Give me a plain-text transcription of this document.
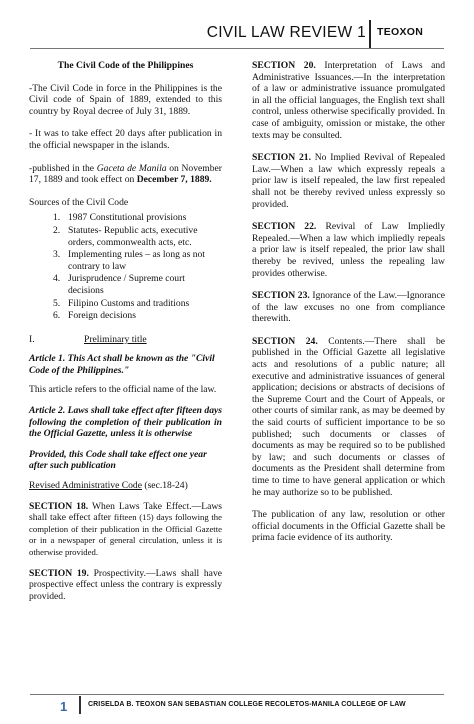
CIVIL LAW REVIEW 1 TEOXON

The Civil Code of the Philippines

-The Civil Code in force in the Philippines is the Civil code of Spain of 1889, extended to this country by Royal decree of July 31, 1889.

- It was to take effect 20 days after publication in the official newspaper in the islands.

-published in the Gaceta de Manila on November 17, 1889 and took effect on December 7, 1889.

Sources of the Civil Code

1. 1987 Constitutional provisions
2. Statutes- Republic acts, executive orders, commonwealth acts, etc.
3. Implementing rules – as long as not contrary to law
4. Jurisprudence / Supreme court decisions
5. Filipino Customs and traditions
6. Foreign decisions
I.	Preliminary title

Article 1. This Act shall be known as the "Civil Code of the Philippines."

This article refers to the official name of the law.

Article 2. Laws shall take effect after fifteen days following the completion of their publication in the Official Gazette, unless it is otherwise

Provided, this Code shall take effect one year after such publication

Revised Administrative Code (sec.18-24)

SECTION 18. When Laws Take Effect.—Laws shall take effect after fifteen (15) days following the completion of their publication in the Official Gazette or in a newspaper of general circulation, unless it is otherwise provided.

SECTION 19. Prospectivity.—Laws shall have prospective effect unless the contrary is expressly provided.

SECTION 20. Interpretation of Laws and Administrative Issuances.—In the interpretation of a law or administrative issuance promulgated in all the official languages, the English text shall control, unless otherwise specifically provided. In case of ambiguity, omission or mistake, the other texts may be consulted.

SECTION 21. No Implied Revival of Repealed Law.—When a law which expressly repeals a prior law is itself repealed, the law first repealed shall not be thereby revived unless expressly so provided.

SECTION 22. Revival of Law Impliedly Repealed.—When a law which impliedly repeals a prior law is itself repealed, the prior law shall thereby be revived, unless the repealing law provides otherwise.

SECTION 23. Ignorance of the Law.—Ignorance of the law excuses no one from compliance therewith.

SECTION 24. Contents.—There shall be published in the Official Gazette all legislative acts and resolutions of a public nature; all executive and administrative issuances of general application; decisions or abstracts of decisions of the Supreme Court and the Court of Appeals, or other courts of similar rank, as may be deemed by the said courts of sufficient importance to be so published; such documents or classes of documents as may be required so to be published by law; and such documents or classes of documents as the President shall determine from time to time to have general application or which he may authorize so to be published.

The publication of any law, resolution or other official documents in the Official Gazette shall be prima facie evidence of its authority.

1	CRISELDA B. TEOXON SAN SEBASTIAN COLLEGE RECOLETOS-MANILA COLLEGE OF LAW
